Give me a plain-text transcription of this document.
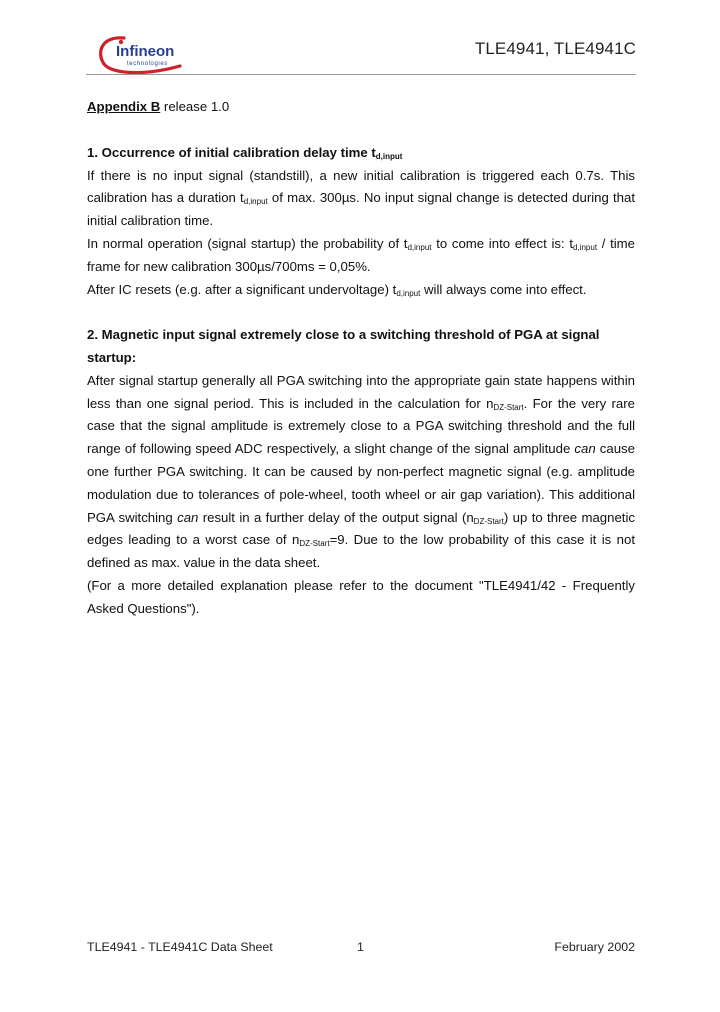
Infineon
technologies
TLE4941, TLE4941C
Appendix B release 1.0
1. Occurrence of initial calibration delay time $t_{d,input}$

If there is no input signal (standstill), a new initial calibration is triggered each 0.7s. This calibration has a duration $t_{d,input}$ of max. 300µs. No input signal change is detected during that initial calibration time.

In normal operation (signal startup) the probability of $t_{d,input}$ to come into effect is: $t_{d,input}$ / time frame for new calibration 300µs/700ms = 0,05%.

After IC resets (e.g. after a significant undervoltage) $t_{d,input}$ will always come into effect.

2. Magnetic input signal extremely close to a switching threshold of PGA at signal startup:

After signal startup generally all PGA switching into the appropriate gain state happens within less than one signal period. This is included in the calculation for $n_{DZ-Start}$. For the very rare case that the signal amplitude is extremely close to a PGA switching threshold and the full range of following speed ADC respectively, a slight change of the signal amplitude can cause one further PGA switching. It can be caused by non-perfect magnetic signal (e.g. amplitude modulation due to tolerances of pole-wheel, tooth wheel or air gap variation). This additional PGA switching can result in a further delay of the output signal $(n_{DZ-Start})$ up to three magnetic edges leading to a worst case of $n_{DZ-Start}=9$. Due to the low probability of this case it is not defined as max. value in the data sheet.

(For a more detailed explanation please refer to the document "TLE4941/42 - Frequently Asked Questions").

TLE4941 - TLE4941C Data Sheet	1	February 2002
